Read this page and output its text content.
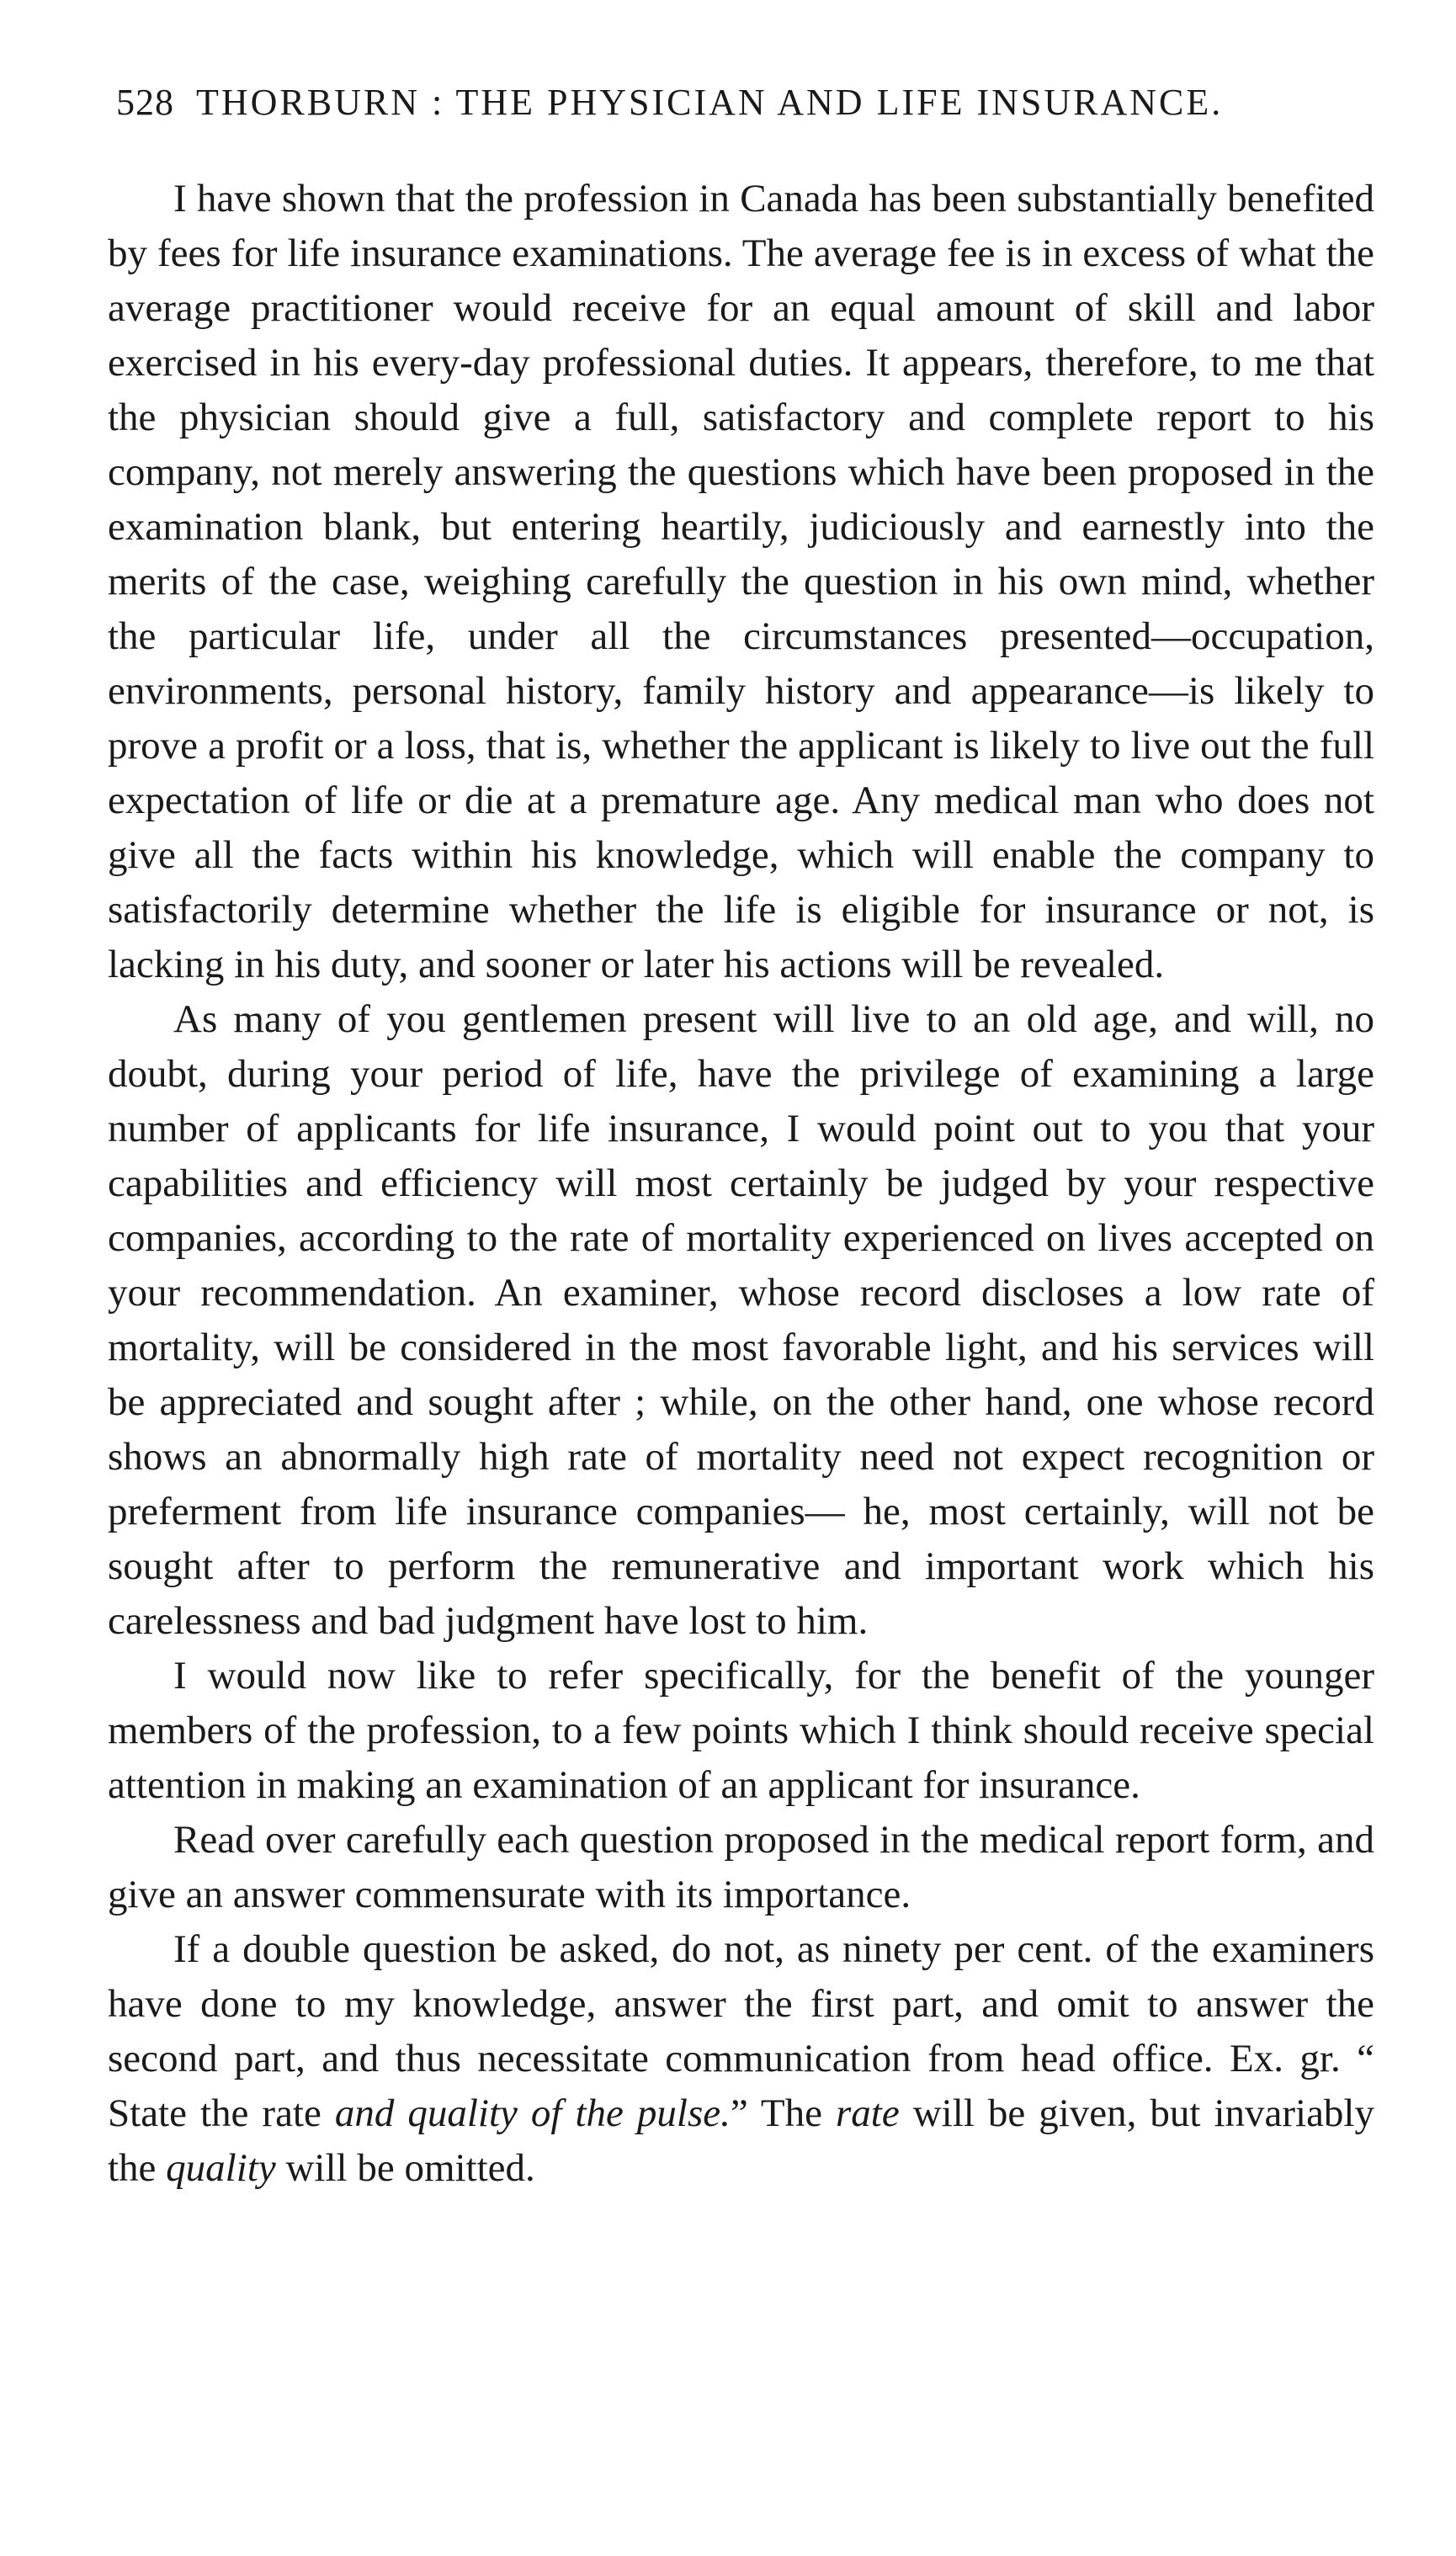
528 THORBURN : THE PHYSICIAN AND LIFE INSURANCE.

I have shown that the profession in Canada has been substantially benefited by fees for life insurance examinations. The average fee is in excess of what the average practitioner would receive for an equal amount of skill and labor exercised in his every-day professional duties. It appears, therefore, to me that the physician should give a full, satisfactory and complete report to his company, not merely answering the questions which have been proposed in the examination blank, but entering heartily, judiciously and earnestly into the merits of the case, weighing carefully the question in his own mind, whether the particular life, under all the circumstances presented—occupation, environments, personal history, family history and appearance—is likely to prove a profit or a loss, that is, whether the applicant is likely to live out the full expectation of life or die at a premature age. Any medical man who does not give all the facts within his knowledge, which will enable the company to satisfactorily determine whether the life is eligible for insurance or not, is lacking in his duty, and sooner or later his actions will be revealed.

As many of you gentlemen present will live to an old age, and will, no doubt, during your period of life, have the privilege of examining a large number of applicants for life insurance, I would point out to you that your capabilities and efficiency will most certainly be judged by your respective companies, according to the rate of mortality experienced on lives accepted on your recommendation. An examiner, whose record discloses a low rate of mortality, will be considered in the most favorable light, and his services will be appreciated and sought after ; while, on the other hand, one whose record shows an abnormally high rate of mortality need not expect recognition or preferment from life insurance companies— he, most certainly, will not be sought after to perform the remunerative and important work which his carelessness and bad judgment have lost to him.

I would now like to refer specifically, for the benefit of the younger members of the profession, to a few points which I think should receive special attention in making an examination of an applicant for insurance.

Read over carefully each question proposed in the medical report form, and give an answer commensurate with its importance.

If a double question be asked, do not, as ninety per cent. of the examiners have done to my knowledge, answer the first part, and omit to answer the second part, and thus necessitate communication from head office. Ex. gr. “ State the rate and quality of the pulse.” The rate will be given, but invariably the quality will be omitted.
